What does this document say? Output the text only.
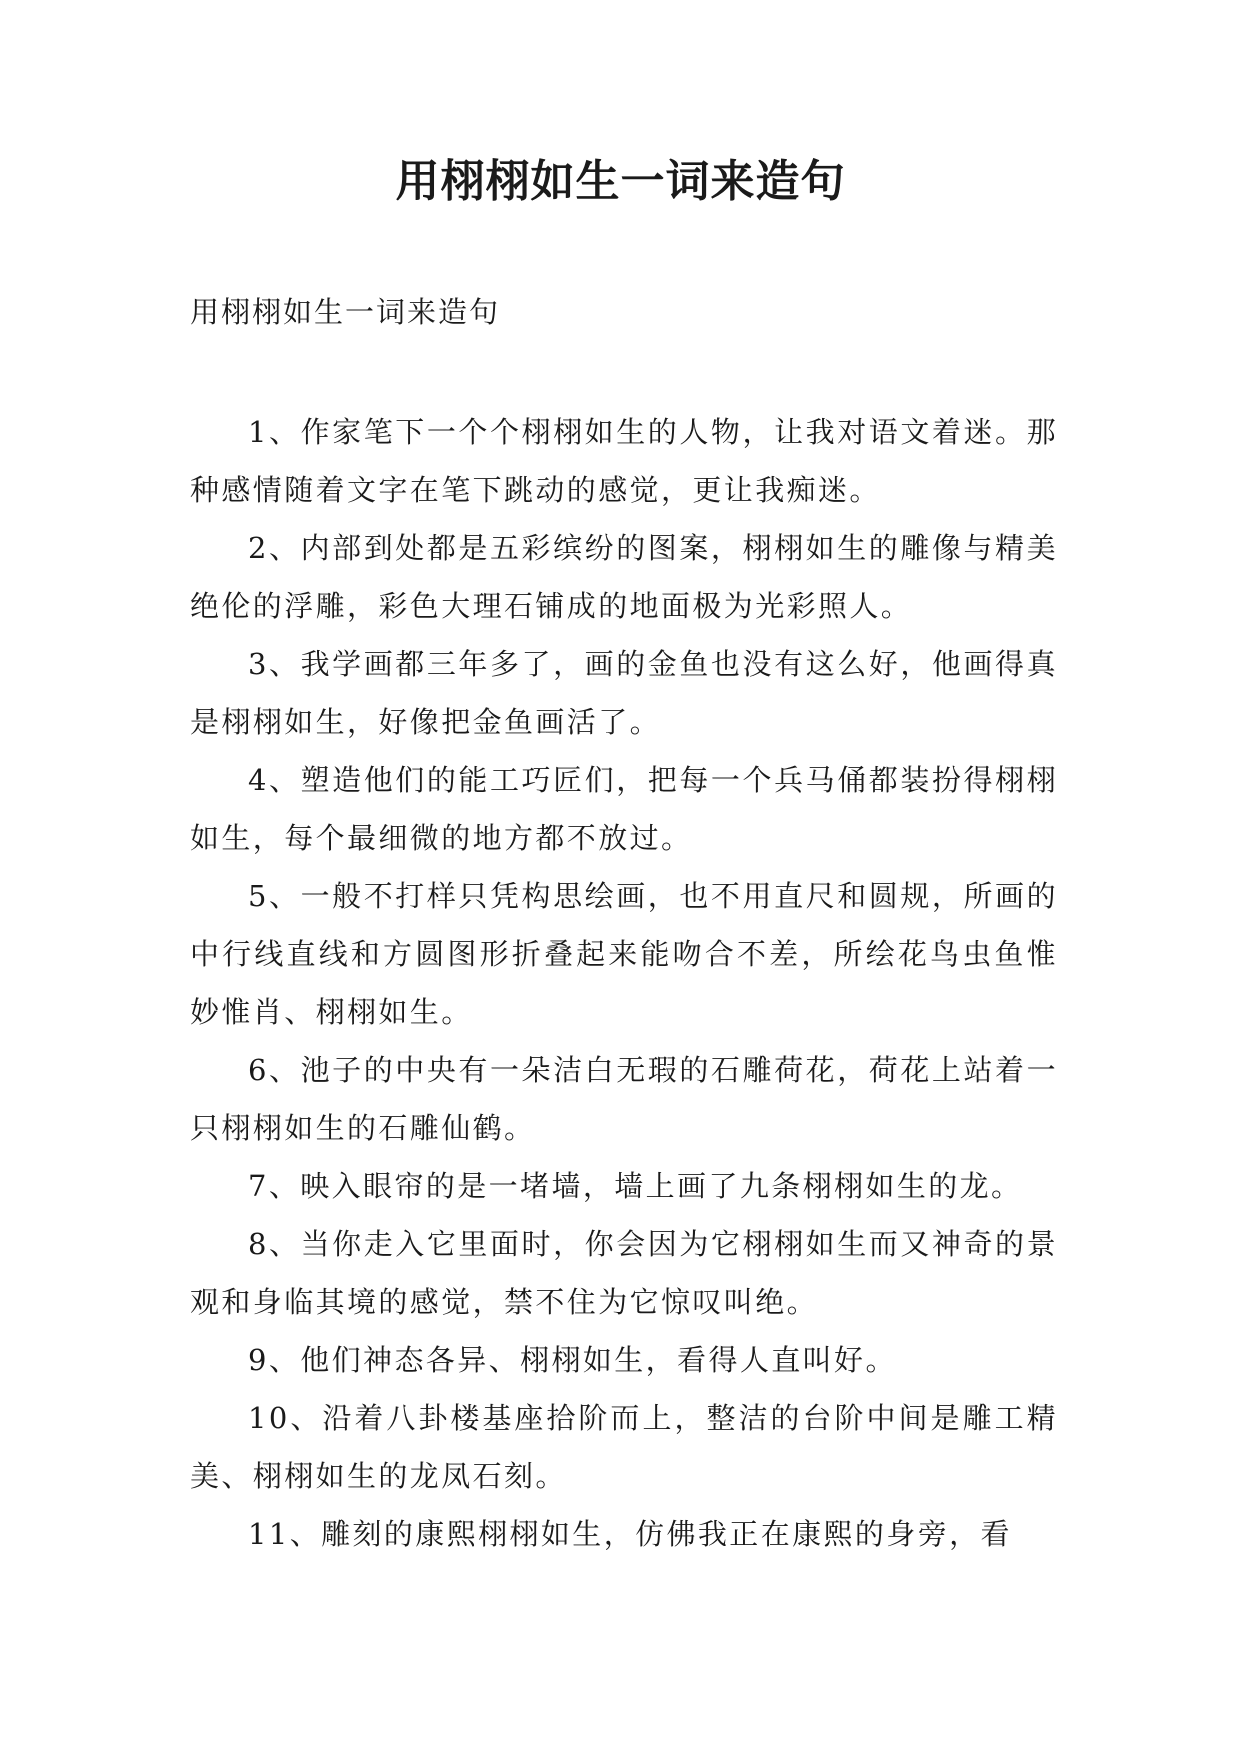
用栩栩如生一词来造句

用栩栩如生一词来造句

1、作家笔下一个个栩栩如生的人物，让我对语文着迷。那种感情随着文字在笔下跳动的感觉，更让我痴迷。

2、内部到处都是五彩缤纷的图案，栩栩如生的雕像与精美绝伦的浮雕，彩色大理石铺成的地面极为光彩照人。

3、我学画都三年多了，画的金鱼也没有这么好，他画得真是栩栩如生，好像把金鱼画活了。

4、塑造他们的能工巧匠们，把每一个兵马俑都装扮得栩栩如生，每个最细微的地方都不放过。

5、一般不打样只凭构思绘画，也不用直尺和圆规，所画的中行线直线和方圆图形折叠起来能吻合不差，所绘花鸟虫鱼惟妙惟肖、栩栩如生。

6、池子的中央有一朵洁白无瑕的石雕荷花，荷花上站着一只栩栩如生的石雕仙鹤。

7、映入眼帘的是一堵墙，墙上画了九条栩栩如生的龙。

8、当你走入它里面时，你会因为它栩栩如生而又神奇的景观和身临其境的感觉，禁不住为它惊叹叫绝。

9、他们神态各异、栩栩如生，看得人直叫好。

10、沿着八卦楼基座拾阶而上，整洁的台阶中间是雕工精美、栩栩如生的龙凤石刻。

11、雕刻的康熙栩栩如生，仿佛我正在康熙的身旁，看
